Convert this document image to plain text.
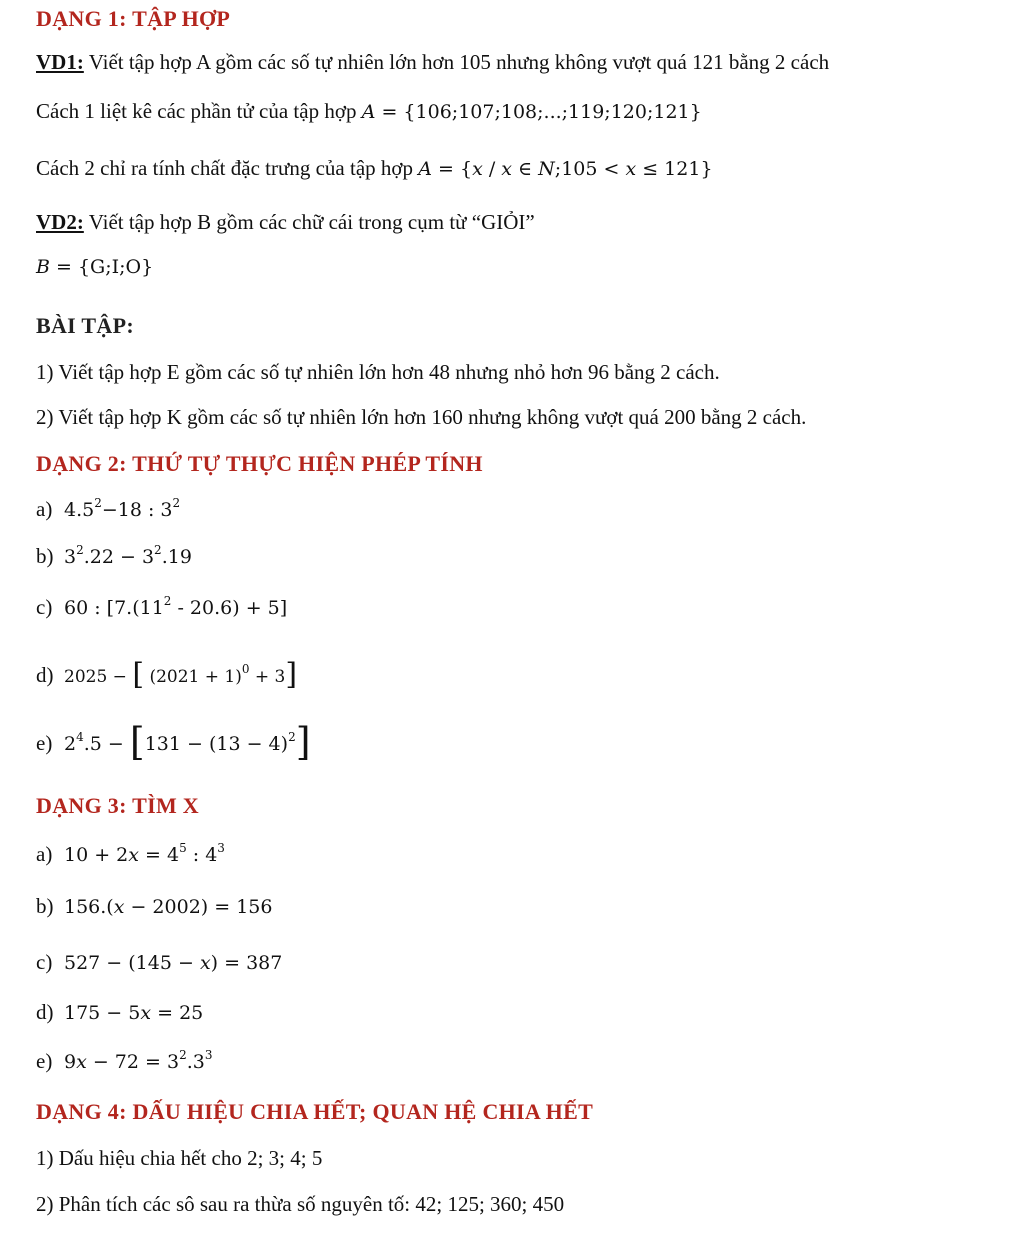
DẠNG 1: TẬP HỢP
VD1: Viết tập hợp A gồm các số tự nhiên lớn hơn 105 nhưng không vượt quá 121 bằng 2 cách
Cách 1 liệt kê các phần tử của tập hợp A = {106;107;108;...;119;120;121}
Cách 2 chỉ ra tính chất đặc trưng của tập hợp A = {x / x ∈ N;105 < x ≤ 121}
VD2: Viết tập hợp B gồm các chữ cái trong cụm từ “GIỎI”
B = {G;I;O}
BÀI TẬP:
1) Viết tập hợp E gồm các số tự nhiên lớn hơn 48 nhưng nhỏ hơn 96 bằng 2 cách.
2) Viết tập hợp K gồm các số tự nhiên lớn hơn 160 nhưng không vượt quá 200 bằng 2 cách.
DẠNG 2: THỨ TỰ THỰC HIỆN PHÉP TÍNH
a) $4.5^2-18$ : $3^2$
b) $3^2.22 - 3^2.19$
c) 60 : $[7.(11^2 - 20.6) + 5]$
d) 2025 − [ $(2021 + 1)^0 + 3$]
e) $2^4.5 - [131 - (13 - 4)^2]$
DẠNG 3: TÌM X
a) $10 + 2x = 4^5$ : $4^3$
b) 156.(x − 2002) = 156
c) 527 − (145 − x) = 387
d) 175 − 5x = 25
e) $9x - 72 = 3^2.3^3$
DẠNG 4: DẤU HIỆU CHIA HẾT; QUAN HỆ CHIA HẾT
1) Dấu hiệu chia hết cho 2; 3; 4; 5
2) Phân tích các sô sau ra thừa số nguyên tố: 42; 125; 360; 450
